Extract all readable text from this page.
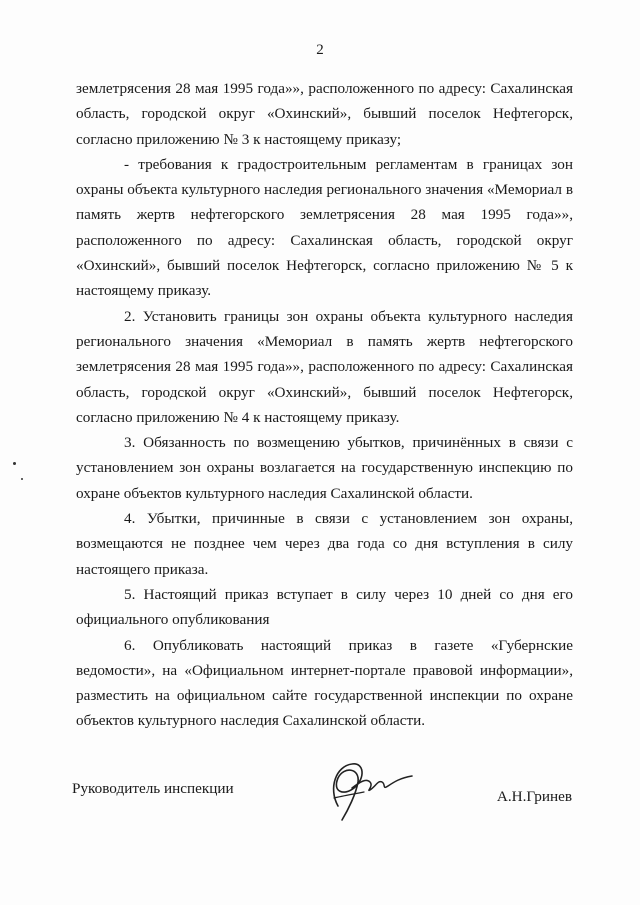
2

землетрясения 28 мая 1995 года»», расположенного по адресу: Сахалинская область, городской округ «Охинский», бывший поселок Нефтегорск, согласно приложению № 3 к настоящему приказу;

- требования к градостроительным регламентам в границах зон охраны объекта культурного наследия регионального значения «Мемориал в память жертв нефтегорского землетрясения 28 мая 1995 года»», расположенного по адресу: Сахалинская область, городской округ «Охинский», бывший поселок Нефтегорск, согласно приложению № 5 к настоящему приказу.

2. Установить границы зон охраны объекта культурного наследия регионального значения «Мемориал в память жертв нефтегорского землетрясения 28 мая 1995 года»», расположенного по адресу: Сахалинская область, городской округ «Охинский», бывший поселок Нефтегорск, согласно приложению № 4 к настоящему приказу.

3. Обязанность по возмещению убытков, причинённых в связи с установлением зон охраны возлагается на государственную инспекцию по охране объектов культурного наследия Сахалинской области.

4. Убытки, причинные в связи с установлением зон охраны, возмещаются не позднее чем через два года со дня вступления в силу настоящего приказа.

5. Настоящий приказ вступает в силу через 10 дней со дня его официального опубликования

6. Опубликовать настоящий приказ в газете «Губернские ведомости», на «Официальном интернет-портале правовой информации», разместить на официальном сайте государственной инспекции по охране объектов культурного наследия Сахалинской области.

Руководитель инспекции	А.Н.Гринев
